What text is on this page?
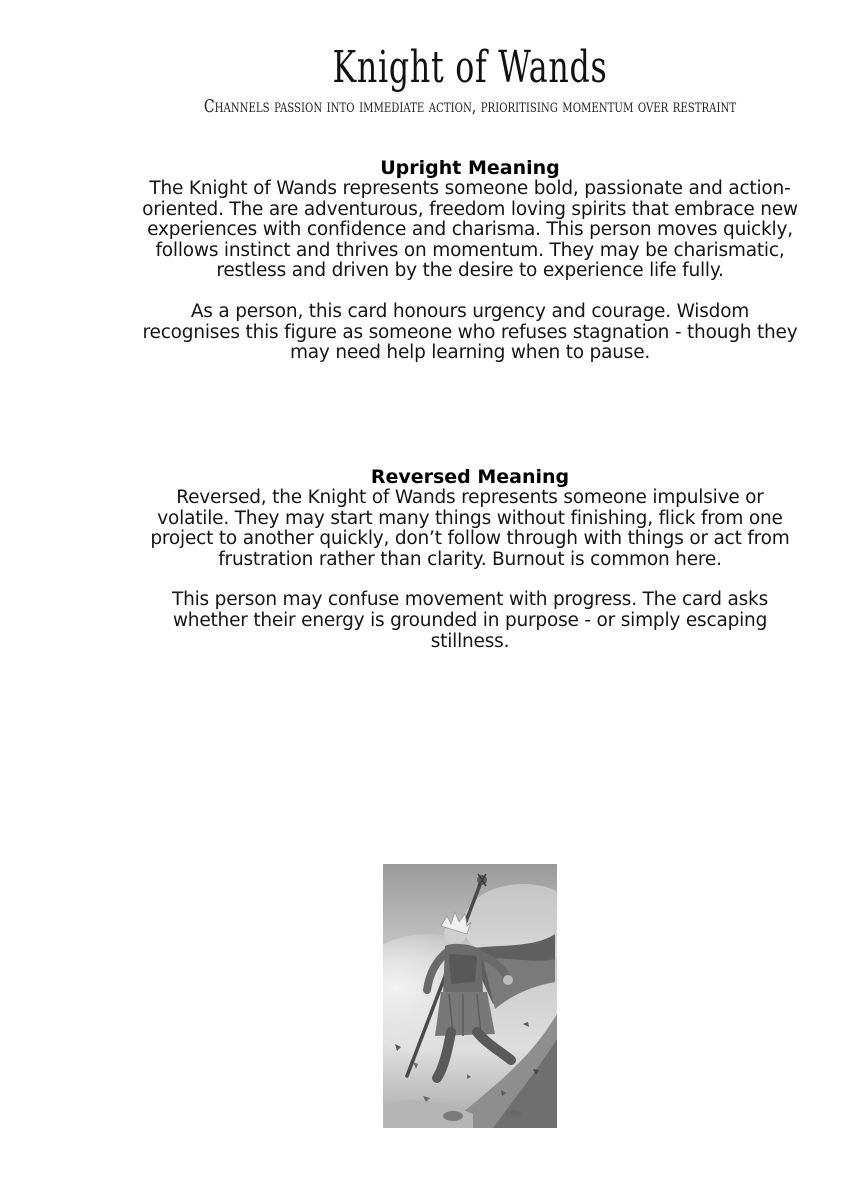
Knight of Wands
Channels passion into immediate action, prioritising momentum over restraint
Upright Meaning

The Knight of Wands represents someone bold, passionate and action-oriented. The are adventurous, freedom loving spirits that embrace new experiences with confidence and charisma. This person moves quickly, follows instinct and thrives on momentum. They may be charismatic, restless and driven by the desire to experience life fully.

As a person, this card honours urgency and courage. Wisdom recognises this figure as someone who refuses stagnation - though they may need help learning when to pause.

Reversed Meaning

Reversed, the Knight of Wands represents someone impulsive or volatile. They may start many things without finishing, flick from one project to another quickly, don’t follow through with things or act from frustration rather than clarity. Burnout is common here.

This person may confuse movement with progress. The card asks whether their energy is grounded in purpose - or simply escaping stillness.
